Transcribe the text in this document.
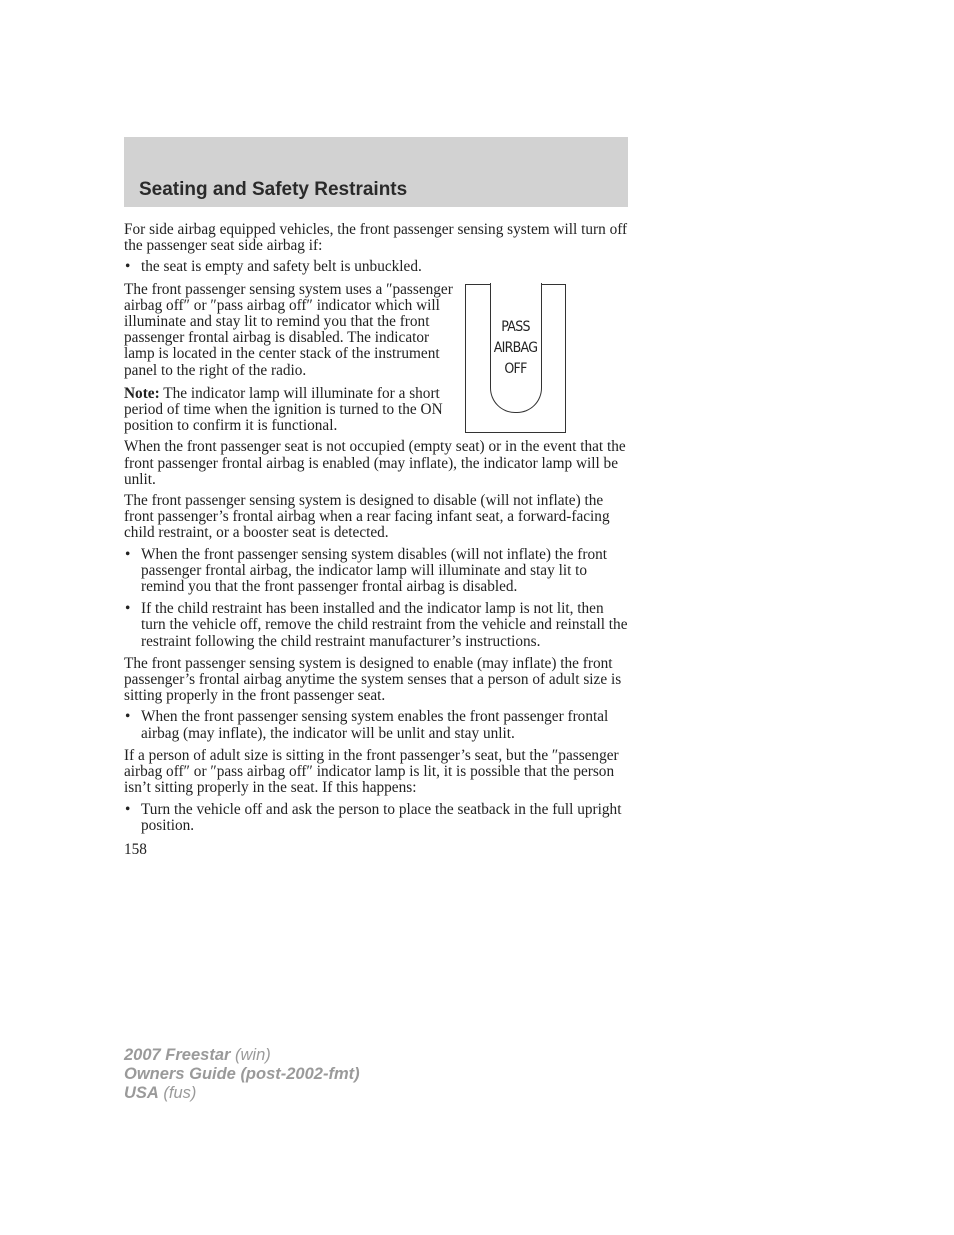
Seating and Safety Restraints

For side airbag equipped vehicles, the front passenger sensing system will turn off the passenger seat side airbag if:

• the seat is empty and safety belt is unbuckled.
PASS
AIRBAG
OFF

The front passenger sensing system uses a ″passenger airbag off″ or ″pass airbag off″ indicator which will illuminate and stay lit to remind you that the front passenger frontal airbag is disabled. The indicator lamp is located in the center stack of the instrument panel to the right of the radio.

Note: The indicator lamp will illuminate for a short period of time when the ignition is turned to the ON position to confirm it is functional.

When the front passenger seat is not occupied (empty seat) or in the event that the front passenger frontal airbag is enabled (may inflate), the indicator lamp will be unlit.

The front passenger sensing system is designed to disable (will not inflate) the front passenger’s frontal airbag when a rear facing infant seat, a forward-facing child restraint, or a booster seat is detected.

• When the front passenger sensing system disables (will not inflate) the front passenger frontal airbag, the indicator lamp will illuminate and stay lit to remind you that the front passenger frontal airbag is disabled.
• If the child restraint has been installed and the indicator lamp is not lit, then turn the vehicle off, remove the child restraint from the vehicle and reinstall the restraint following the child restraint manufacturer’s instructions.

The front passenger sensing system is designed to enable (may inflate) the front passenger’s frontal airbag anytime the system senses that a person of adult size is sitting properly in the front passenger seat.

• When the front passenger sensing system enables the front passenger frontal airbag (may inflate), the indicator will be unlit and stay unlit.

If a person of adult size is sitting in the front passenger’s seat, but the ″passenger airbag off″ or ″pass airbag off″ indicator lamp is lit, it is possible that the person isn’t sitting properly in the seat. If this happens:

• Turn the vehicle off and ask the person to place the seatback in the full upright position.
158
2007 Freestar (win)
Owners Guide (post-2002-fmt)
USA (fus)
